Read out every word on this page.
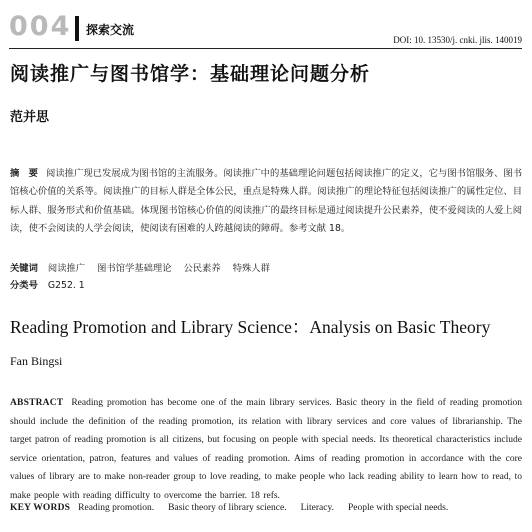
004 探索交流
DOI: 10. 13530/j. cnki. jlis. 140019
阅读推广与图书馆学：基础理论问题分析
范并思
摘　要 阅读推广现已发展成为图书馆的主流服务。阅读推广中的基础理论问题包括阅读推广的定义，它与图书馆服务、图书馆核心价值的关系等。阅读推广的目标人群是全体公民，重点是特殊人群。阅读推广的理论特征包括阅读推广的属性定位、目标人群、服务形式和价值基础。体现图书馆核心价值的阅读推广的最终目标是通过阅读提升公民素养，使不爱阅读的人爱上阅读，使不会阅读的人学会阅读，使阅读有困难的人跨越阅读的障碍。参考文献 18。
关键词 阅读推广 图书馆学基础理论 公民素养 特殊人群
分类号 G252. 1
Reading Promotion and Library Science：Analysis on Basic Theory
Fan Bingsi
ABSTRACT Reading promotion has become one of the main library services. Basic theory in the field of reading promotion should include the definition of the reading promotion, its relation with library services and core values of librarianship. The target patron of reading promotion is all citizens, but focusing on people with special needs. Its theoretical characteristics include service orientation, patron, features and values of reading promotion. Aims of reading promotion in accordance with the core values of library are to make non-reader group to love reading, to make people who lack reading ability to learn how to read, to make people with reading difficulty to overcome the barrier. 18 refs.
KEY WORDS Reading promotion. Basic theory of library science. Literacy. People with special needs.
